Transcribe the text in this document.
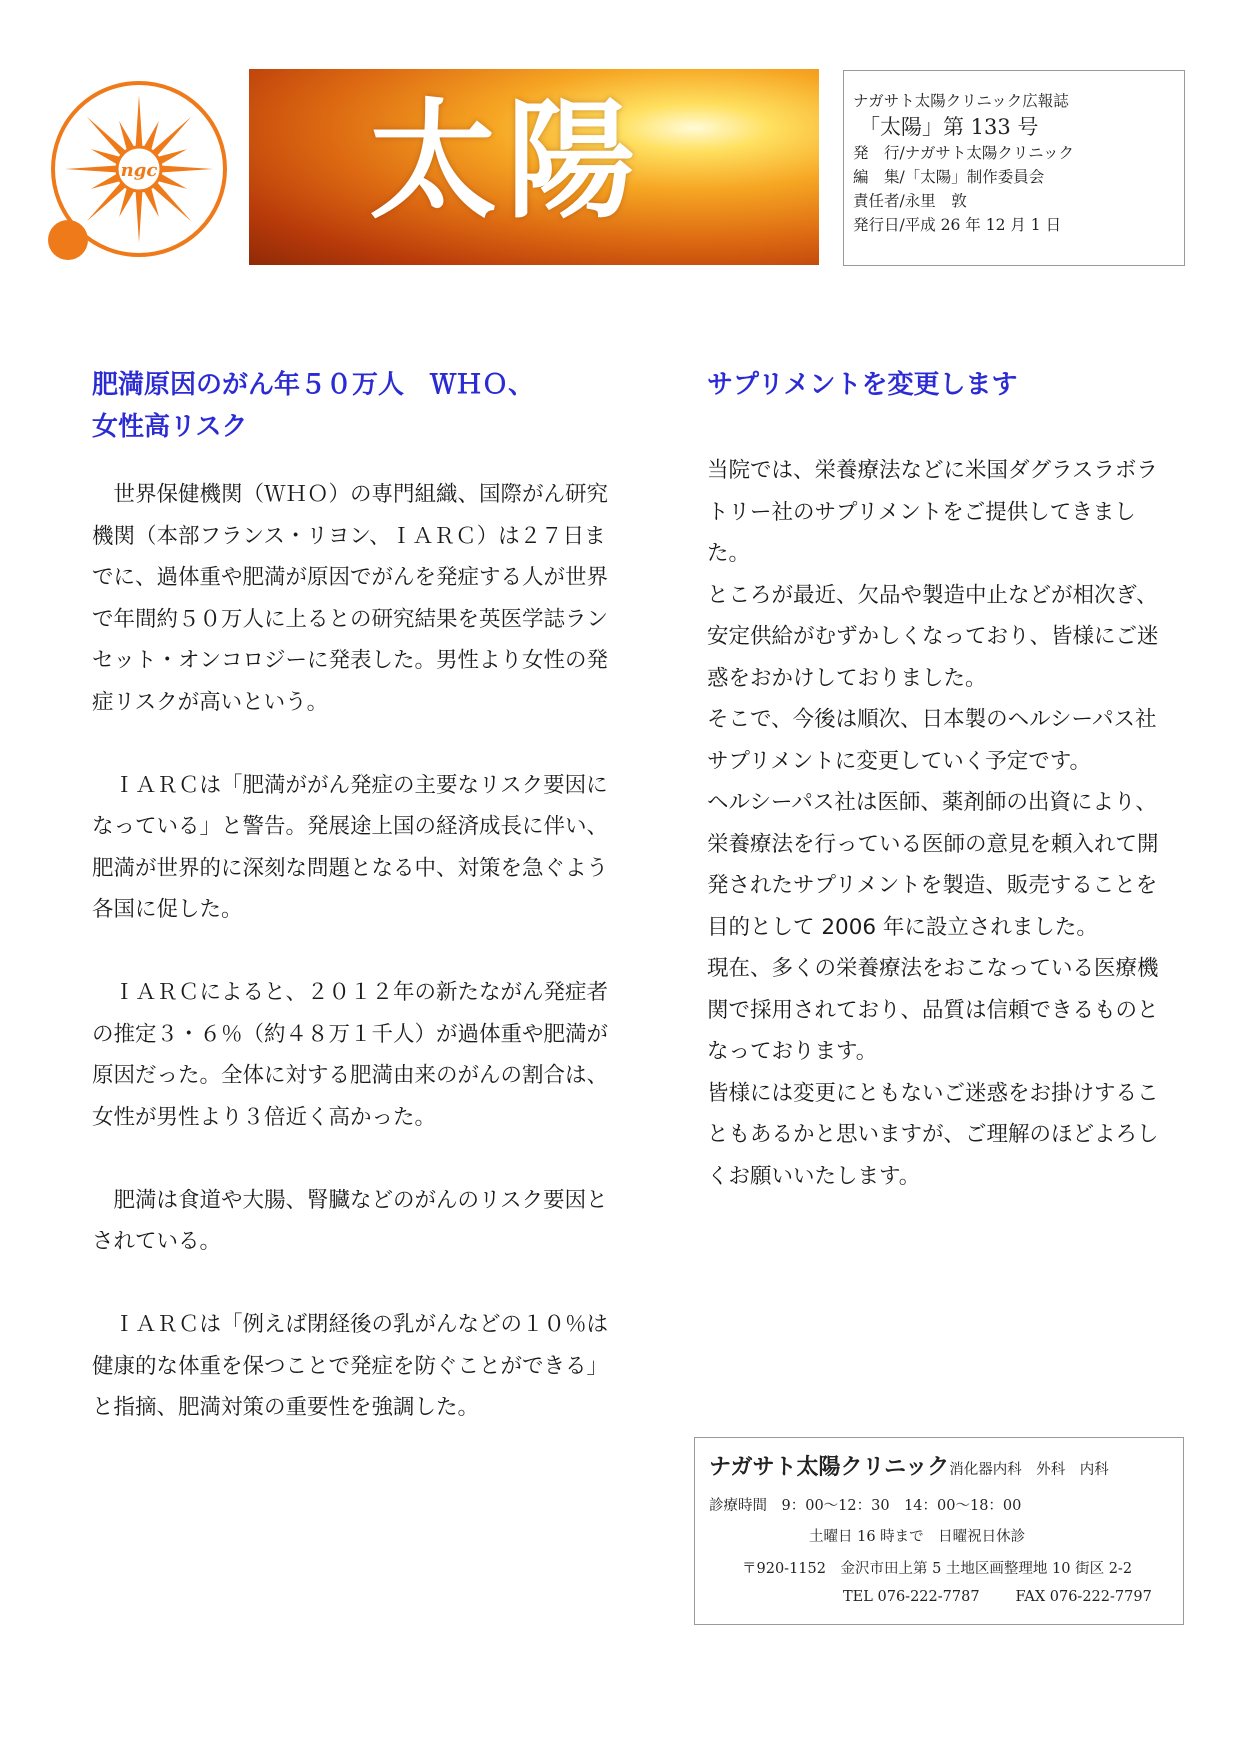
ngc 太陽	ナガサト太陽クリニック広報誌
「太陽」第 133 号
発　行/ナガサト太陽クリニック
編　集/「太陽」制作委員会
責任者/永里　敦
発行日/平成 26 年 12 月 1 日
肥満原因のがん年５０万人　ＷＨＯ、
女性高リスク

世界保健機関（ＷＨＯ）の専門組織、国際がん研究機関（本部フランス・リヨン、ＩＡＲＣ）は２７日までに、過体重や肥満が原因でがんを発症する人が世界で年間約５０万人に上るとの研究結果を英医学誌ランセット・オンコロジーに発表した。男性より女性の発症リスクが高いという。

ＩＡＲＣは「肥満ががん発症の主要なリスク要因になっている」と警告。発展途上国の経済成長に伴い、肥満が世界的に深刻な問題となる中、対策を急ぐよう各国に促した。

ＩＡＲＣによると、２０１２年の新たながん発症者の推定３・６％（約４８万１千人）が過体重や肥満が原因だった。全体に対する肥満由来のがんの割合は、女性が男性より３倍近く高かった。

肥満は食道や大腸、腎臓などのがんのリスク要因とされている。

ＩＡＲＣは「例えば閉経後の乳がんなどの１０％は健康的な体重を保つことで発症を防ぐことができる」と指摘、肥満対策の重要性を強調した。

サプリメントを変更します

当院では、栄養療法などに米国ダグラスラボラトリー社のサプリメントをご提供してきました。

ところが最近、欠品や製造中止などが相次ぎ、安定供給がむずかしくなっており、皆様にご迷惑をおかけしておりました。

そこで、今後は順次、日本製のヘルシーパス社サプリメントに変更していく予定です。

ヘルシーパス社は医師、薬剤師の出資により、栄養療法を行っている医師の意見を頼入れて開発されたサプリメントを製造、販売することを目的として 2006 年に設立されました。

現在、多くの栄養療法をおこなっている医療機関で採用されており、品質は信頼できるものとなっております。

皆様には変更にともないご迷惑をお掛けすることもあるかと思いますが、ご理解のほどよろしくお願いいたします。

ナガサト太陽クリニック消化器内科　外科　内科
診療時間　9：00～12：30　14：00～18：00
土曜日 16 時まで　日曜祝日休診
〒920-1152　金沢市田上第 5 土地区画整理地 10 街区 2-2
TEL 076-222-7787 FAX 076-222-7797
